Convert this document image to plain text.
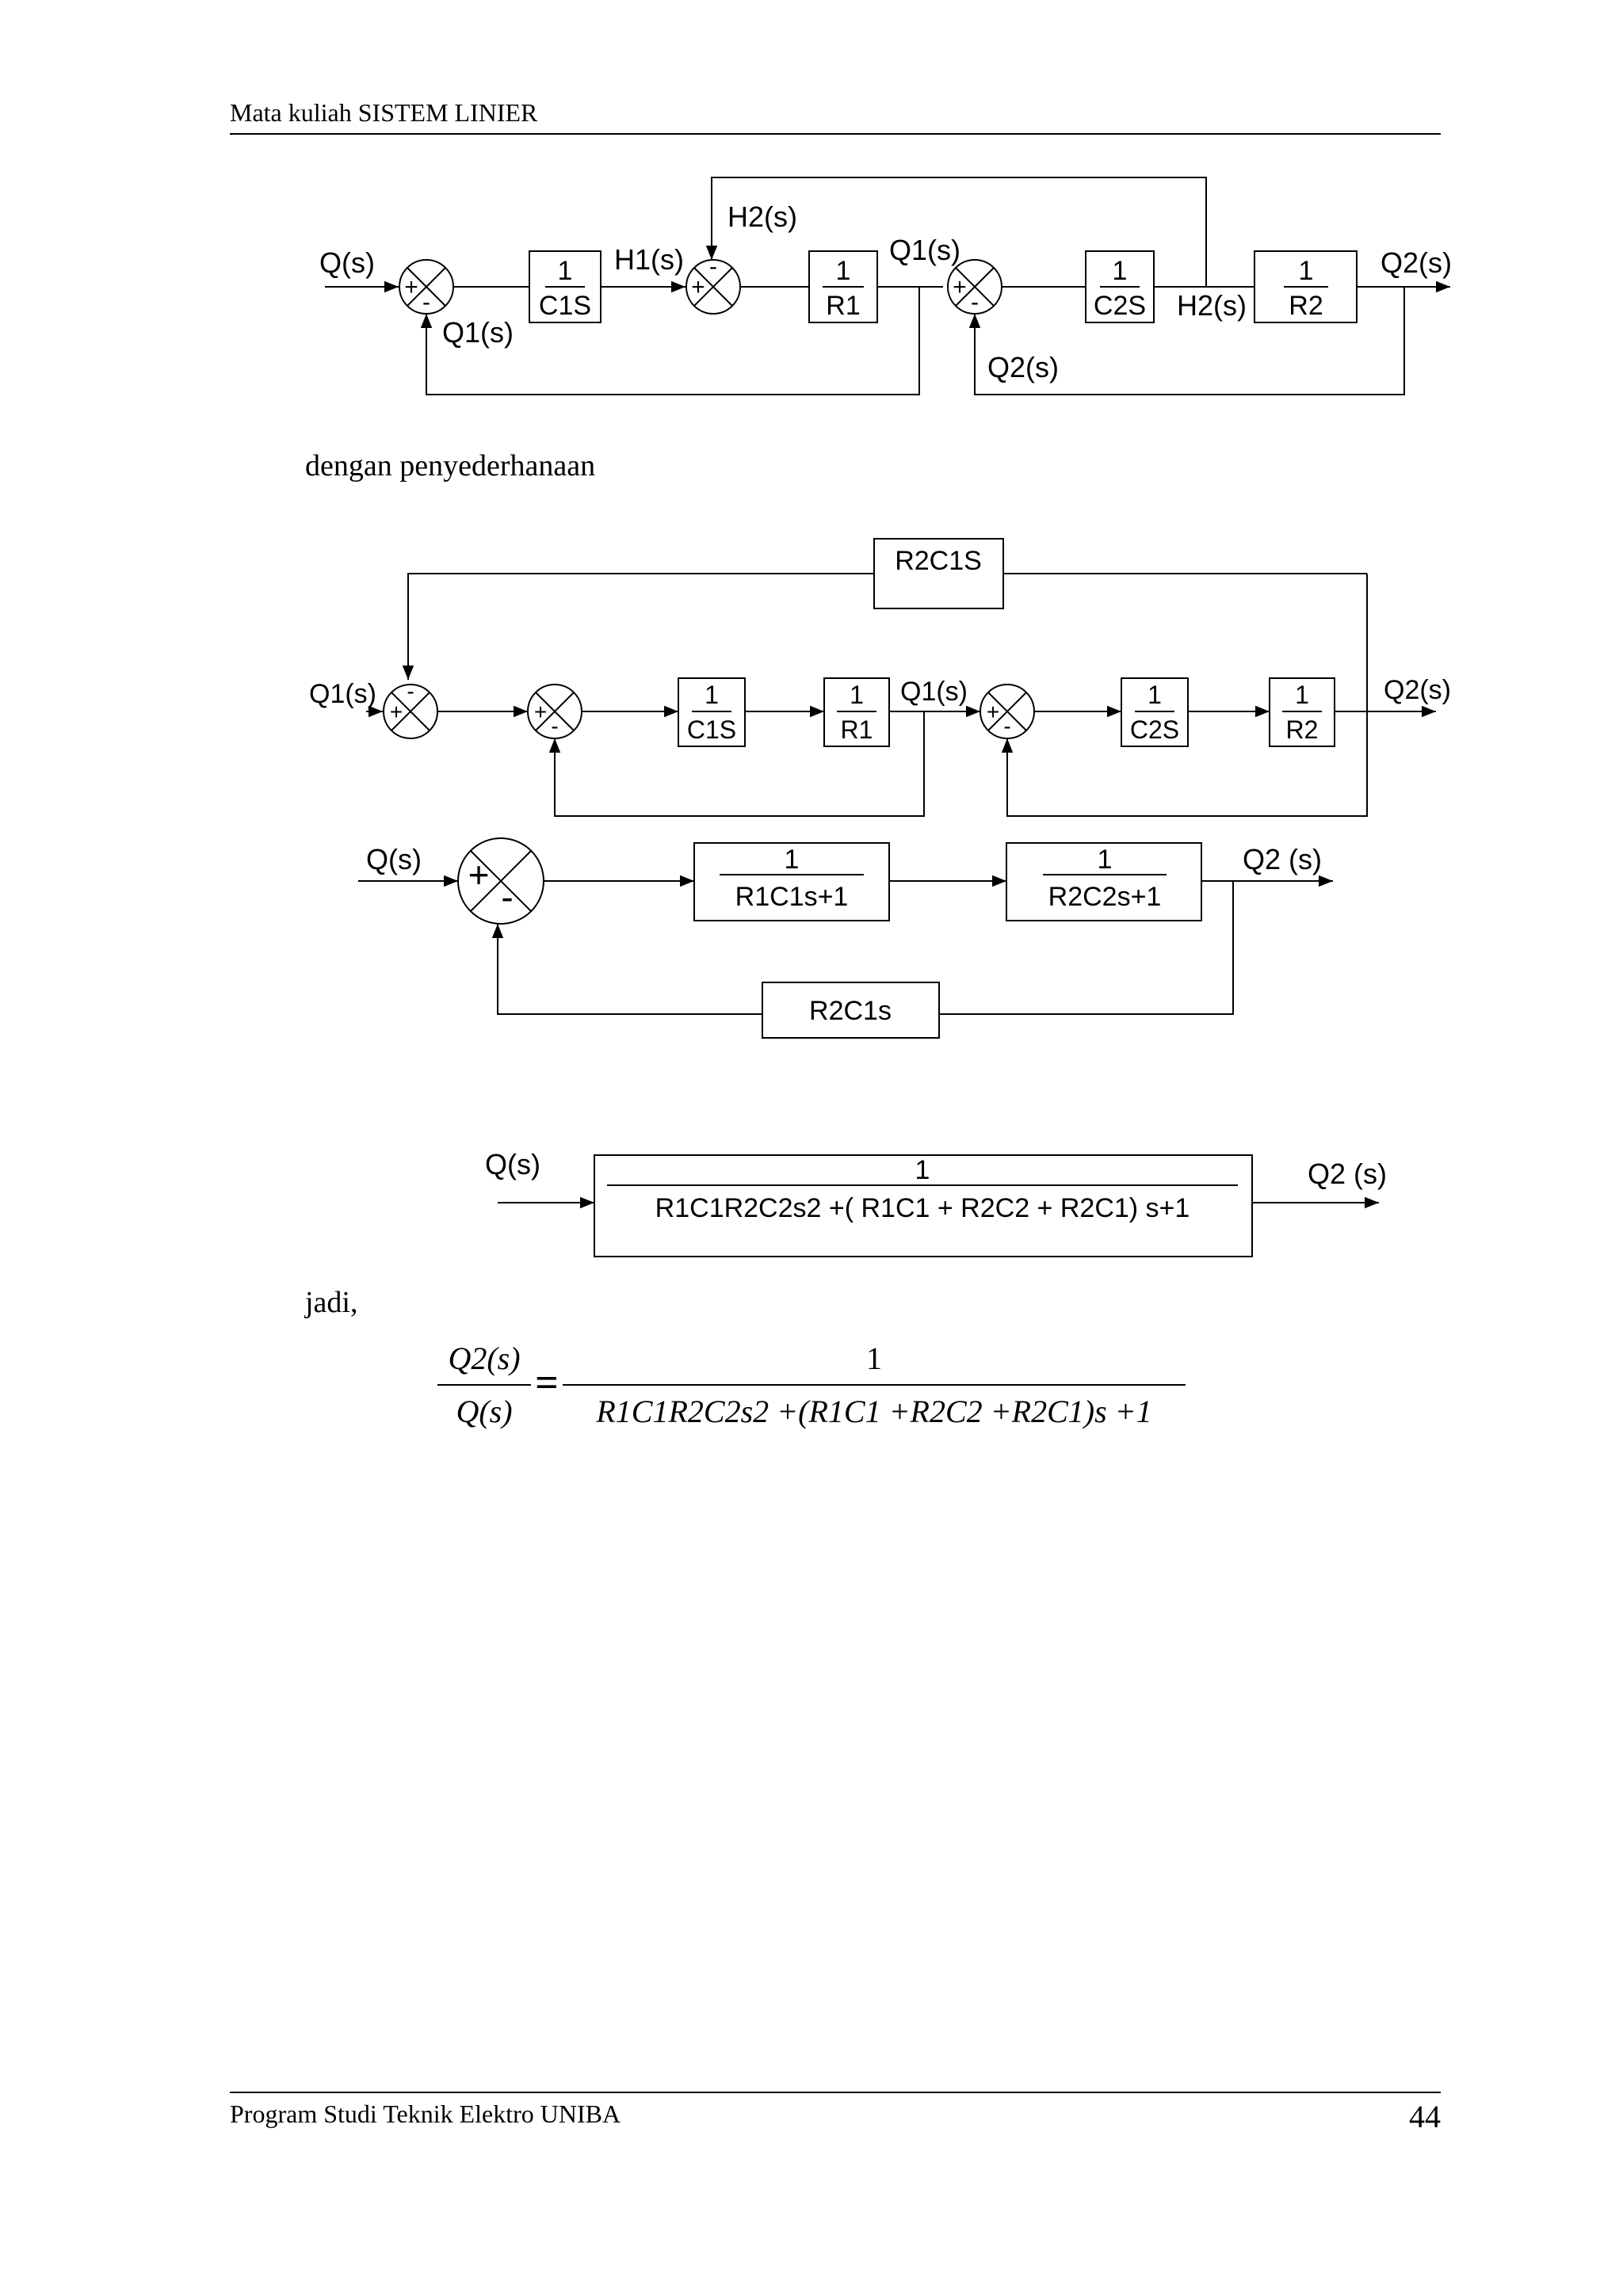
Mata kuliah SISTEM LINIER
Q(s)	Q2(s)
H1(s)
H2(s)
H2(s)
Q1(s)
Q1(s)
Q2(s)
1
C1S
1
R1
1
C2S
1
R2
+
-
+
-
+
-
dengan penyederhanaan
Q1(s)	Q2(s)
Q1(s)
R2C1S
1
C1S
1
R1
1
C2S
1
R2
-
+	+
-
+
-
Q(s)	Q2 (s)
1
R1C1s+1
1
R2C2s+1
R2C1s
+
-
Q(s)	Q2 (s)
1
R1C1R2C2s2 +( R1C1 + R2C2 + R2C1) s+1
jadi,
Q2(s)
Q(s)
=
1
R1C1R2C2s2 +(R1C1 +R2C2 +R2C1)s +1
Program Studi Teknik Elektro UNIBA	44
